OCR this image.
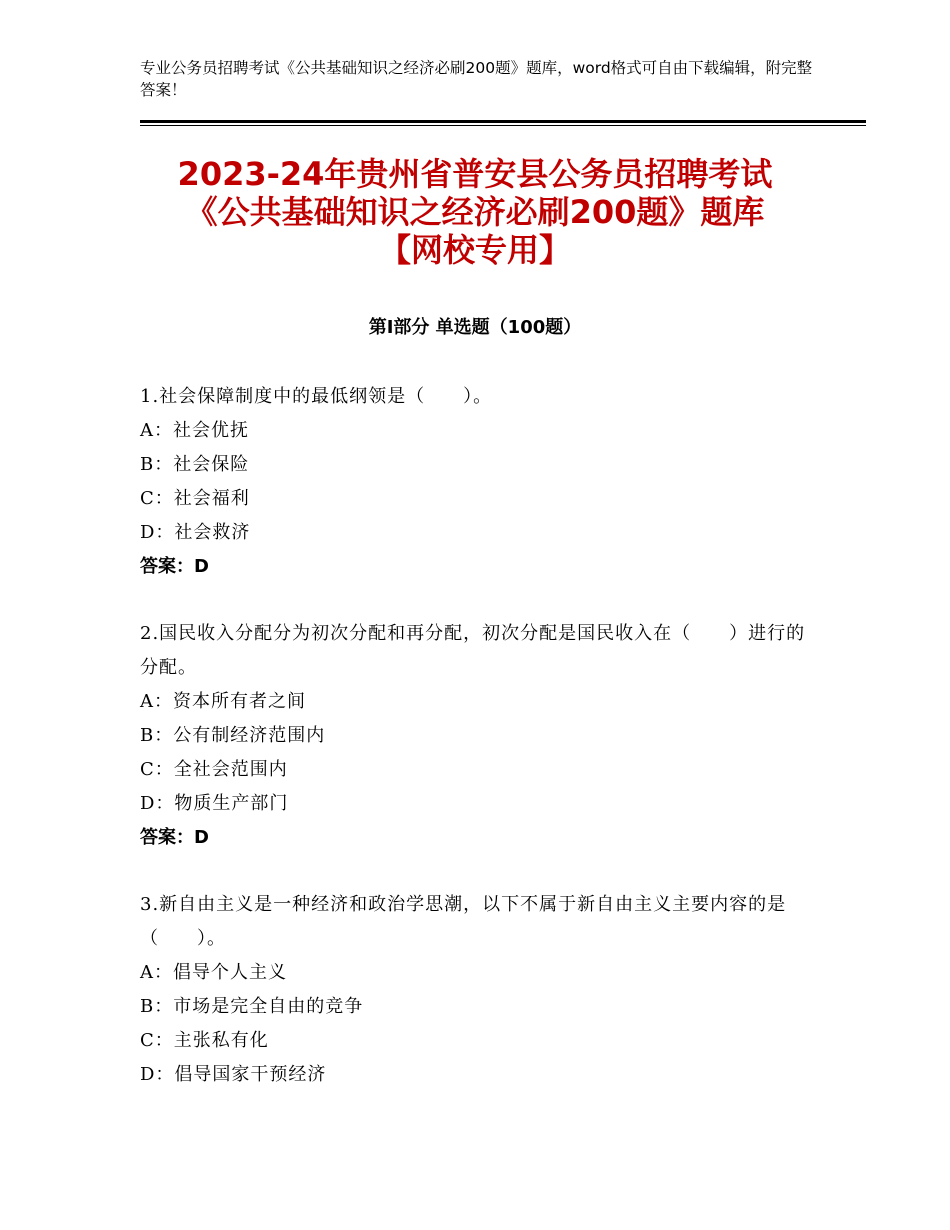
专业公务员招聘考试《公共基础知识之经济必刷200题》题库，word格式可自由下载编辑，附完整答案！
2023-24年贵州省普安县公务员招聘考试
《公共基础知识之经济必刷200题》题库
【网校专用】
第Ⅰ部分 单选题（100题）
1.社会保障制度中的最低纲领是（　　）。
A：社会优抚
B：社会保险
C：社会福利
D：社会救济
答案：D
2.国民收入分配分为初次分配和再分配，初次分配是国民收入在（　　）进行的分配。
A：资本所有者之间
B：公有制经济范围内
C：全社会范围内
D：物质生产部门
答案：D
3.新自由主义是一种经济和政治学思潮，以下不属于新自由主义主要内容的是（　　）。
A：倡导个人主义
B：市场是完全自由的竞争
C：主张私有化
D：倡导国家干预经济
